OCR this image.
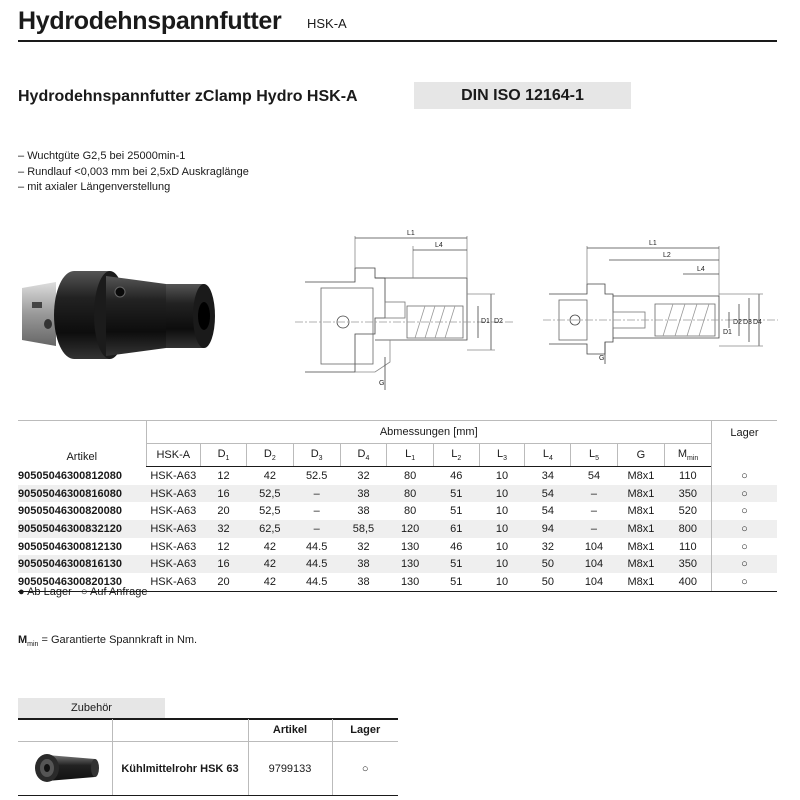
Hydrodehnspannfutter HSK-A
Hydrodehnspannfutter zClamp Hydro HSK-A	DIN ISO 12164-1
– Wuchtgüte G2,5 bei 25000min-1
– Rundlauf <0,003 mm bei 2,5xD Auskraglänge
– mit axialer Längenverstellung
L1
L4
D1 D2
G
L1
L2
L4
D1
D2 D3 D4
G
Artikel	Abmessungen [mm]												Lager
	HSK-A	$D_1$	$D_2$	$D_3$	$D_4$	$L_1$	$L_2$	$L_3$	$L_4$	$L_5$	G	$M_{min}$
90505046300812080	HSK-A63	12	42	52.5	32	80	46	10	34	54	M8x1	110	○
90505046300816080	HSK-A63	16	52,5	–	38	80	51	10	54	–	M8x1	350	○
90505046300820080	HSK-A63	20	52,5	–	38	80	51	10	54	–	M8x1	520	○
90505046300832120	HSK-A63	32	62,5	–	58,5	120	61	10	94	–	M8x1	800	○
90505046300812130	HSK-A63	12	42	44.5	32	130	46	10	32	104	M8x1	110	○
90505046300816130	HSK-A63	16	42	44.5	38	130	51	10	50	104	M8x1	350	○
90505046300820130	HSK-A63	20	42	44.5	38	130	51	10	50	104	M8x1	400	○
● Ab Lager ○ Auf Anfrage
$M_{min}$ = Garantierte Spannkraft in Nm.
Zubehör
		Artikel	Lager
	Kühlmittelrohr HSK 63	9799133	○
